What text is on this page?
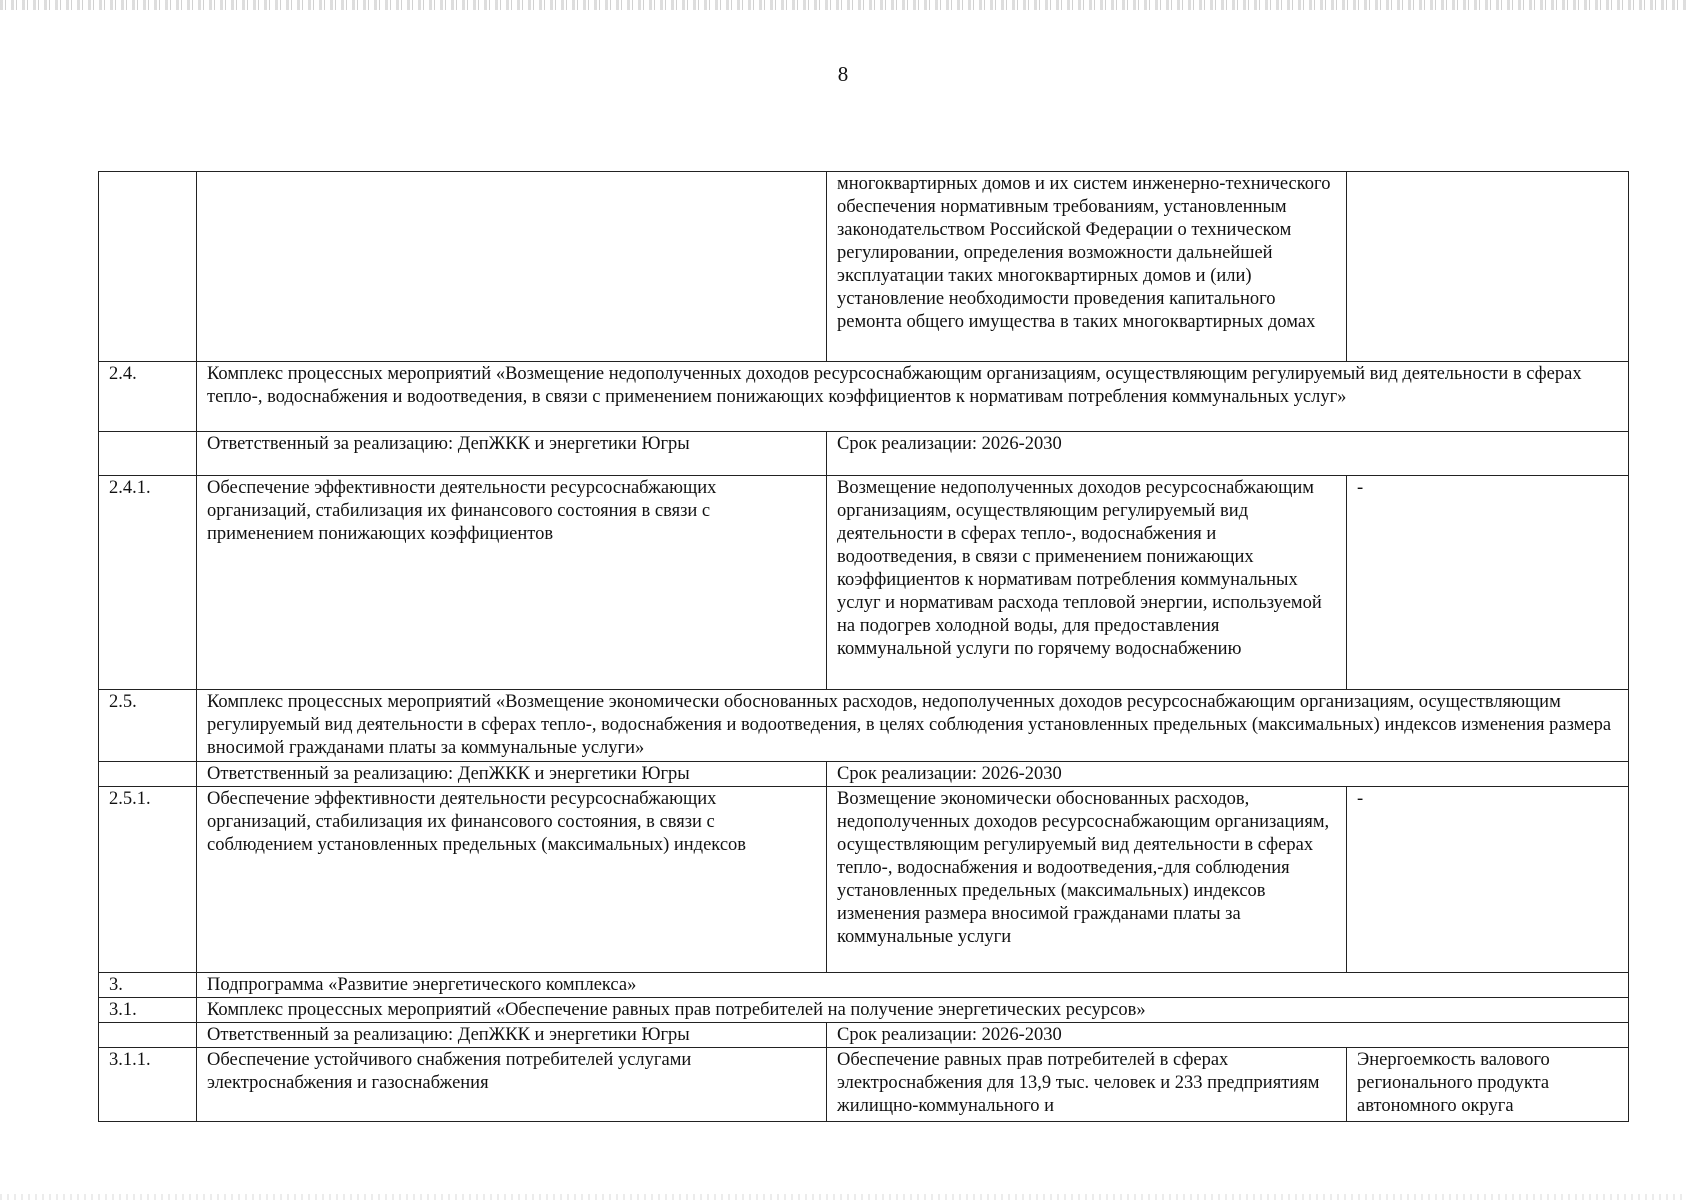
8
		многоквартирных домов и их систем инженерно-технического обеспечения нормативным требованиям, установленным законодательством Российской Федерации о техническом регулировании, определения возможности дальнейшей эксплуатации таких многоквартирных домов и (или) установление необходимости проведения капитального ремонта общего имущества в таких многоквартирных домах	
2.4.	Комплекс процессных мероприятий «Возмещение недополученных доходов ресурсоснабжающим организациям, осуществляющим регулируемый вид деятельности в сферах тепло-, водоснабжения и водоотведения, в связи с применением понижающих коэффициентов к нормативам потребления коммунальных услуг»		
	Ответственный за реализацию: ДепЖКК и энергетики Югры	Срок реализации: 2026-2030	
2.4.1.	Обеспечение эффективности деятельности ресурсоснабжающих организаций, стабилизация их финансового состояния в связи с применением понижающих коэффициентов	Возмещение недополученных доходов ресурсоснабжающим организациям, осуществляющим регулируемый вид деятельности в сферах тепло-, водоснабжения и водоотведения, в связи с применением понижающих коэффициентов к нормативам потребления коммунальных услуг и нормативам расхода тепловой энергии, используемой на подогрев холодной воды, для предоставления коммунальной услуги по горячему водоснабжению	-
2.5.	Комплекс процессных мероприятий «Возмещение экономически обоснованных расходов, недополученных доходов ресурсоснабжающим организациям, осуществляющим регулируемый вид деятельности в сферах тепло-, водоснабжения и водоотведения, в целях соблюдения установленных предельных (максимальных) индексов изменения размера вносимой гражданами платы за коммунальные услуги»		
	Ответственный за реализацию: ДепЖКК и энергетики Югры	Срок реализации: 2026-2030	
2.5.1.	Обеспечение эффективности деятельности ресурсоснабжающих организаций, стабилизация их финансового состояния, в связи с соблюдением установленных предельных (максимальных) индексов	Возмещение экономически обоснованных расходов, недополученных доходов ресурсоснабжающим организациям, осуществляющим регулируемый вид деятельности в сферах тепло-, водоснабжения и водоотведения,-для соблюдения установленных предельных (максимальных) индексов изменения размера вносимой гражданами платы за коммунальные услуги	-
3.	Подпрограмма «Развитие энергетического комплекса»		
3.1.	Комплекс процессных мероприятий «Обеспечение равных прав потребителей на получение энергетических ресурсов»		
	Ответственный за реализацию: ДепЖКК и энергетики Югры	Срок реализации: 2026-2030	
3.1.1.	Обеспечение устойчивого снабжения потребителей услугами электроснабжения и газоснабжения	Обеспечение равных прав потребителей в сферах электроснабжения для 13,9 тыс. человек и 233 предприятиям жилищно-коммунального и	Энергоемкость валового регионального продукта автономного округа
